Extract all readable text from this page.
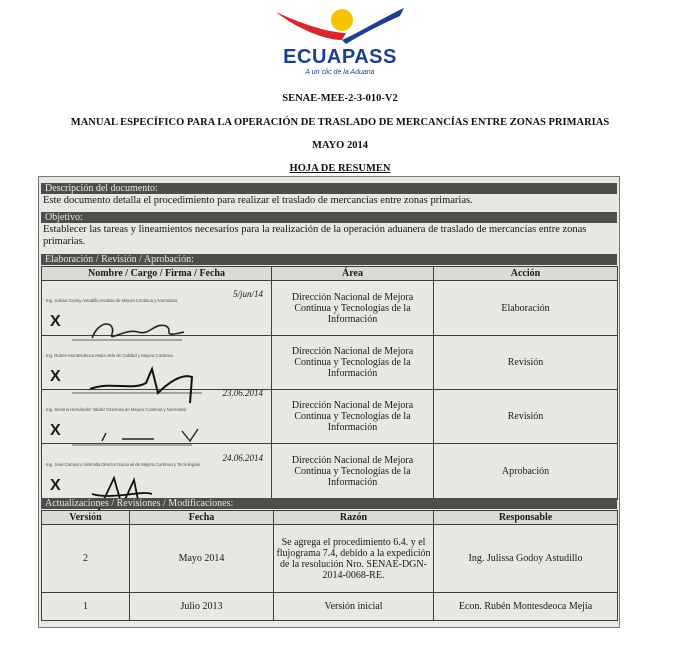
ECUAPASS
A un clic de la Aduana
SENAE-MEE-2-3-010-V2
MANUAL ESPECÍFICO PARA LA OPERACIÓN DE TRASLADO DE MERCANCÍAS ENTRE ZONAS PRIMARIAS
MAYO 2014
HOJA DE RESUMEN
Descripción del documento:
Este documento detalla el procedimiento para realizar el traslado de mercancías entre zonas primarias.
Objetivo:
Establecer las tareas y lineamientos necesarios para la realización de la operación aduanera de traslado de mercancías entre zonas primarias.
Elaboración / Revisión / Aprobación:
Nombre / Cargo / Firma / Fecha	Área	Acción

X
Ing. Julissa Godoy Astudillo Analista de Mejora Continua y Normativa
5/jun/14	Dirección Nacional de Mejora Continua y Tecnologías de la Información	Elaboración

X
Ing. Rubén Montesdeoca Mejía Jefe de Calidad y Mejora Continua	Dirección Nacional de Mejora Continua y Tecnologías de la Información	Revisión

X
Ing. Ximena Hernández Valdez Directora de Mejora Continua y Normativa
23.06.2014	Dirección Nacional de Mejora Continua y Tecnologías de la Información	Revisión

X
Ing. José Carrasco Vintimilla Director Nacional de Mejora Continua y Tecnologías
24.06.2014	Dirección Nacional de Mejora Continua y Tecnologías de la Información	Aprobación
Actualizaciones / Revisiones / Modificaciones:
Versión	Fecha	Razón	Responsable
2	Mayo 2014	Se agrega el procedimiento 6.4. y el flujograma 7.4, debido a la expedición de la resolución Nro. SENAE-DGN-2014-0068-RE.	Ing. Julissa Godoy Astudillo
1	Julio 2013	Versión inicial	Econ. Rubén Montesdeoca Mejía
